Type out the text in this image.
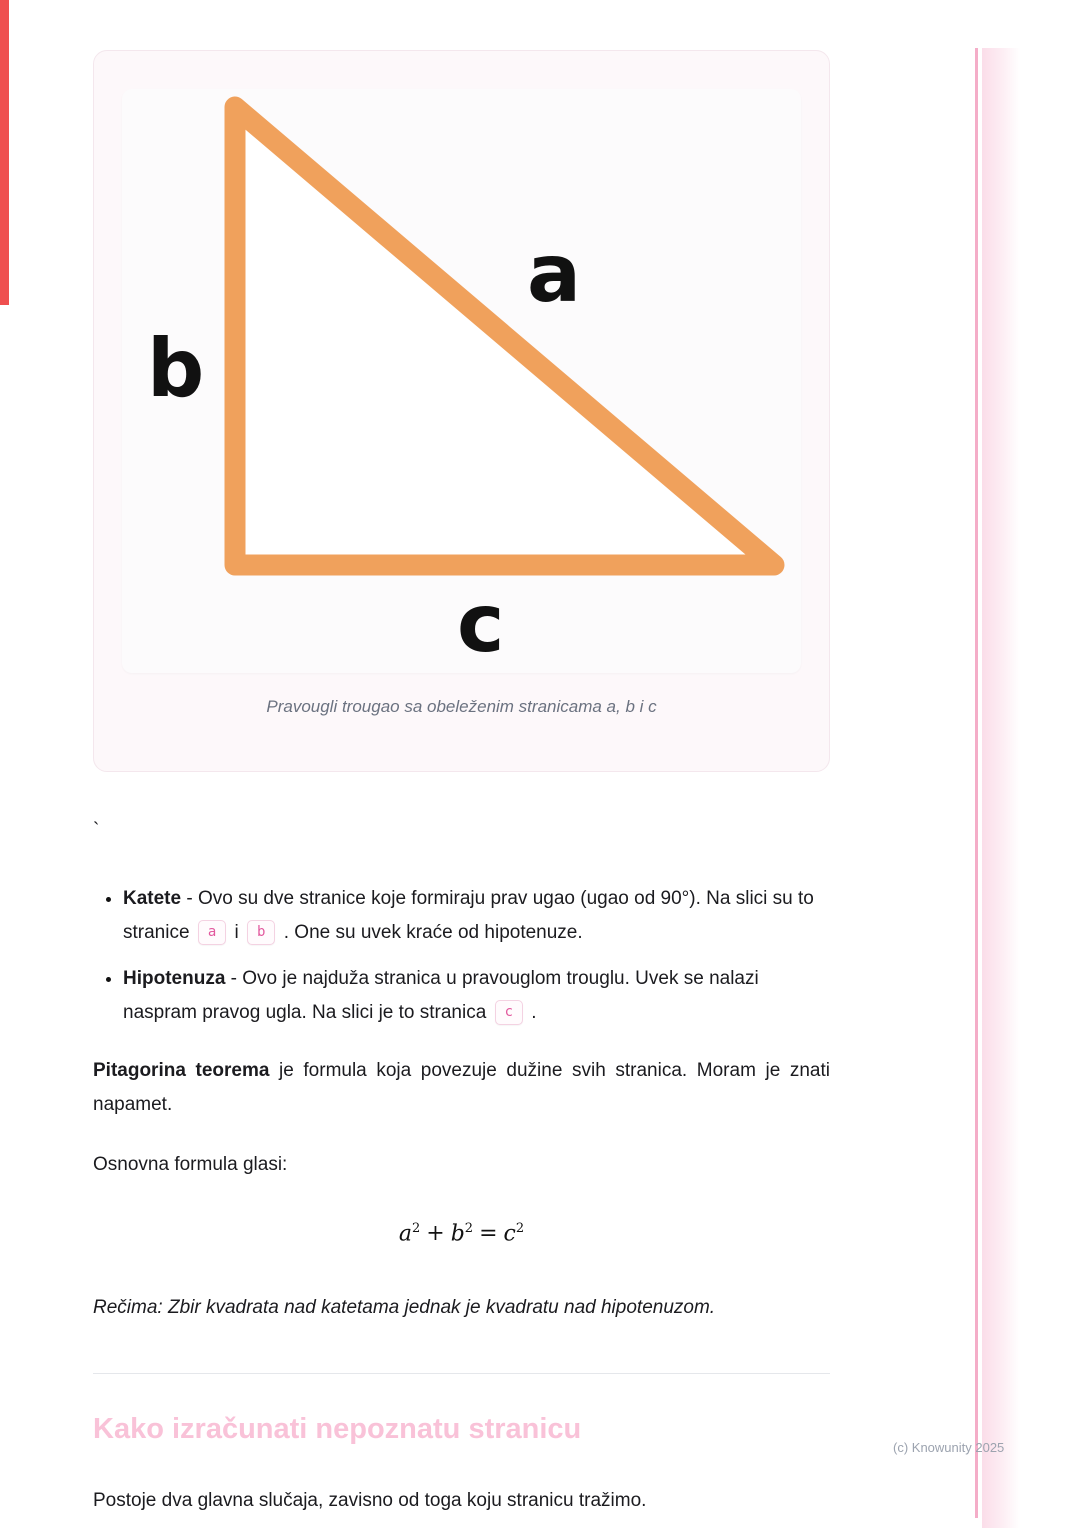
b
a
c
Pravougli trougao sa obeleženim stranicama a, b i c

`

• Katete - Ovo su dve stranice koje formiraju prav ugao (ugao od 90°). Na slici su to stranice a i b . One su uvek kraće od hipotenuze.
• Hipotenuza - Ovo je najduža stranica u pravouglom trouglu. Uvek se nalazi naspram pravog ugla. Na slici je to stranica c .

Pitagorina teorema je formula koja povezuje dužine svih stranica. Moram je znati napamet.

Osnovna formula glasi:

$a^2 + b^2 = c^2$

Rečima: Zbir kvadrata nad katetama jednak je kvadratu nad hipotenuzom.

Kako izračunati nepoznatu stranicu

Postoje dva glavna slučaja, zavisno od toga koju stranicu tražimo.

(c) Knowunity 2025
